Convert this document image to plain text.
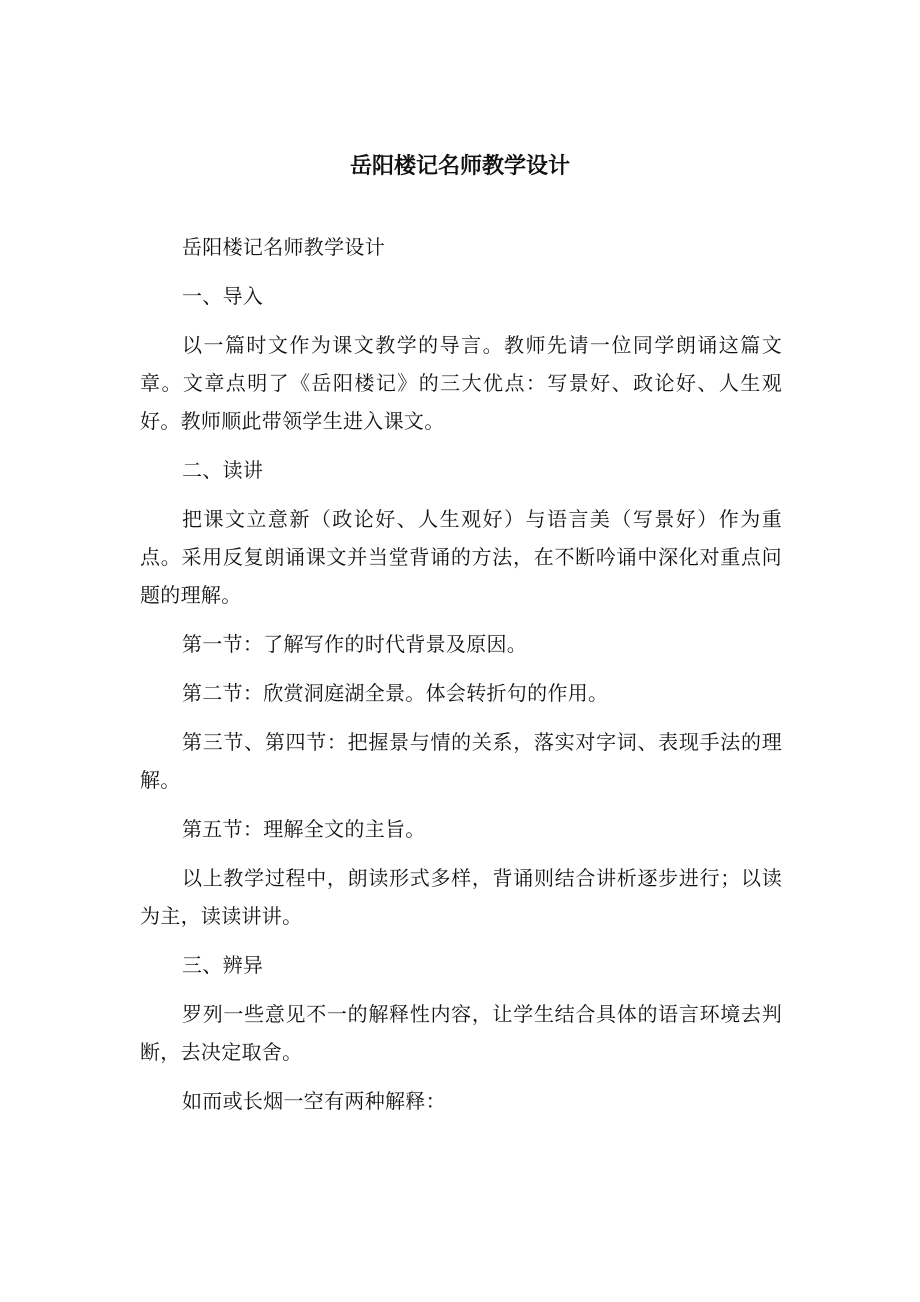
岳阳楼记名师教学设计

岳阳楼记名师教学设计

一、导入

以一篇时文作为课文教学的导言。教师先请一位同学朗诵这篇文章。文章点明了《岳阳楼记》的三大优点：写景好、政论好、人生观好。教师顺此带领学生进入课文。

二、读讲

把课文立意新（政论好、人生观好）与语言美（写景好）作为重点。采用反复朗诵课文并当堂背诵的方法，在不断吟诵中深化对重点问题的理解。

第一节：了解写作的时代背景及原因。

第二节：欣赏洞庭湖全景。体会转折句的作用。

第三节、第四节：把握景与情的关系，落实对字词、表现手法的理解。

第五节：理解全文的主旨。

以上教学过程中，朗读形式多样，背诵则结合讲析逐步进行；以读为主，读读讲讲。

三、辨异

罗列一些意见不一的解释性内容，让学生结合具体的语言环境去判断，去决定取舍。

如而或长烟一空有两种解释：
